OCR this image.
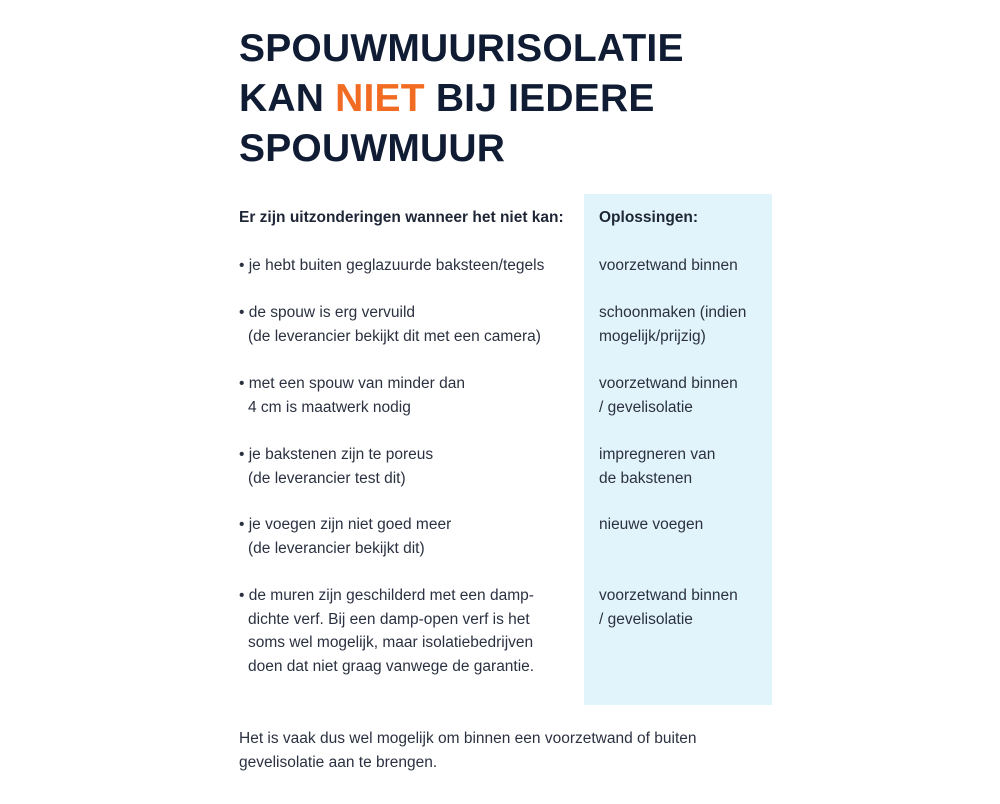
SPOUWMUURISOLATIE
KAN NIET BIJ IEDERE
SPOUWMUUR
Er zijn uitzonderingen wanneer het niet kan:
• je hebt buiten geglazuurde baksteen/tegels
• de spouw is erg vervuild
(de leverancier bekijkt dit met een camera)
• met een spouw van minder dan
4 cm is maatwerk nodig
• je bakstenen zijn te poreus
(de leverancier test dit)
• je voegen zijn niet goed meer
(de leverancier bekijkt dit)
• de muren zijn geschilderd met een damp-
dichte verf. Bij een damp-open verf is het
soms wel mogelijk, maar isolatiebedrijven
doen dat niet graag vanwege de garantie.
Oplossingen:
voorzetwand binnen
schoonmaken (indien
mogelijk/prijzig)
voorzetwand binnen
/ gevelisolatie
impregneren van
de bakstenen
nieuwe voegen
voorzetwand binnen
/ gevelisolatie
Het is vaak dus wel mogelijk om binnen een voorzetwand of buiten
gevelisolatie aan te brengen.
